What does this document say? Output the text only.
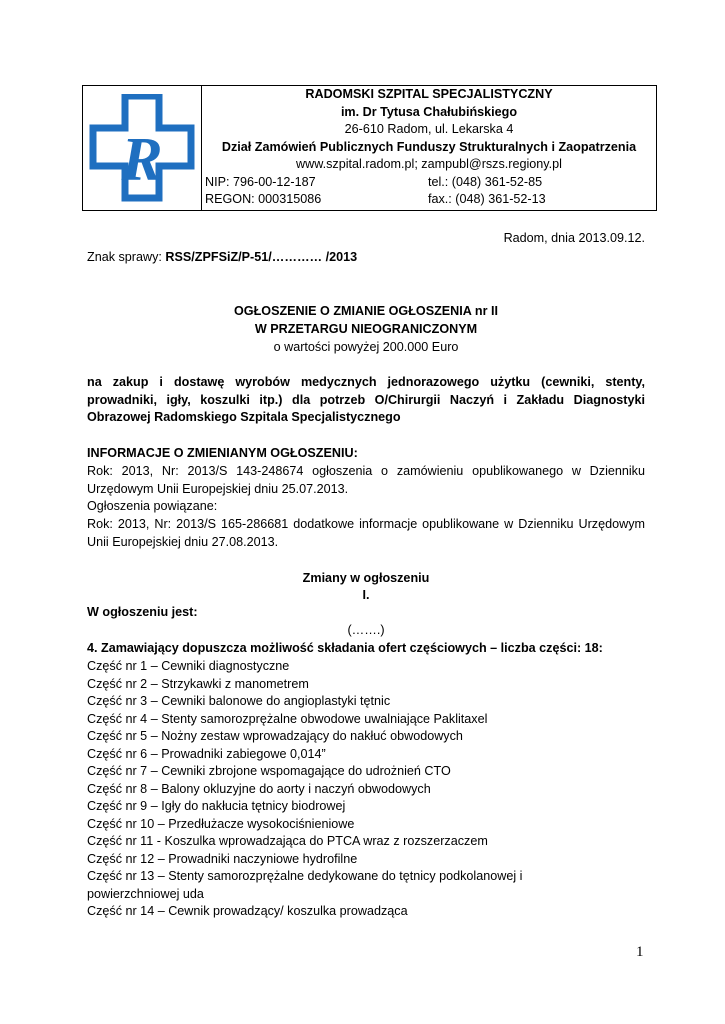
R
RADOMSKI SZPITAL SPECJALISTYCZNY
im. Dr Tytusa Chałubińskiego
26-610 Radom, ul. Lekarska 4
Dział Zamówień Publicznych Funduszy Strukturalnych i Zaopatrzenia
www.szpital.radom.pl; zampubl@rszs.regiony.pl
NIP: 796-00-12-187	tel.: (048) 361-52-85
REGON: 000315086	fax.: (048) 361-52-13
Radom, dnia 2013.09.12.
Znak sprawy: RSS/ZPFSiZ/P-51/………… /2013
OGŁOSZENIE O ZMIANIE OGŁOSZENIA nr II
W PRZETARGU NIEOGRANICZONYM
o wartości powyżej 200.000 Euro
na zakup i dostawę wyrobów medycznych jednorazowego użytku (cewniki, stenty, prowadniki, igły, koszulki itp.) dla potrzeb O/Chirurgii Naczyń i Zakładu Diagnostyki Obrazowej Radomskiego Szpitala Specjalistycznego
INFORMACJE O ZMIENIANYM OGŁOSZENIU:
Rok: 2013, Nr: 2013/S 143-248674 ogłoszenia o zamówieniu opublikowanego w Dzienniku Urzędowym Unii Europejskiej dniu 25.07.2013.
Ogłoszenia powiązane:
Rok: 2013, Nr: 2013/S 165-286681 dodatkowe informacje opublikowane w Dzienniku Urzędowym Unii Europejskiej dniu 27.08.2013.
Zmiany w ogłoszeniu
I.
W ogłoszeniu jest:
(…….)
4. Zamawiający dopuszcza możliwość składania ofert częściowych – liczba części: 18:
Część nr 1 – Cewniki diagnostyczne
Część nr 2 – Strzykawki z manometrem
Część nr 3 – Cewniki balonowe do angioplastyki tętnic
Część nr 4 – Stenty samorozprężalne obwodowe uwalniające Paklitaxel
Część nr 5 – Nożny zestaw wprowadzający do nakłuć obwodowych
Część nr 6 – Prowadniki zabiegowe 0,014”
Część nr 7 – Cewniki zbrojone wspomagające do udrożnień CTO
Część nr 8 – Balony okluzyjne do aorty i naczyń obwodowych
Część nr 9 – Igły do nakłucia tętnicy biodrowej
Część nr 10 – Przedłużacze wysokociśnieniowe
Część nr 11 - Koszulka wprowadzająca do PTCA wraz z rozszerzaczem
Część nr 12 – Prowadniki naczyniowe hydrofilne
Część nr 13 – Stenty samorozprężalne dedykowane do tętnicy podkolanowej i powierzchniowej uda
Część nr 14 – Cewnik prowadzący/ koszulka prowadząca
1
